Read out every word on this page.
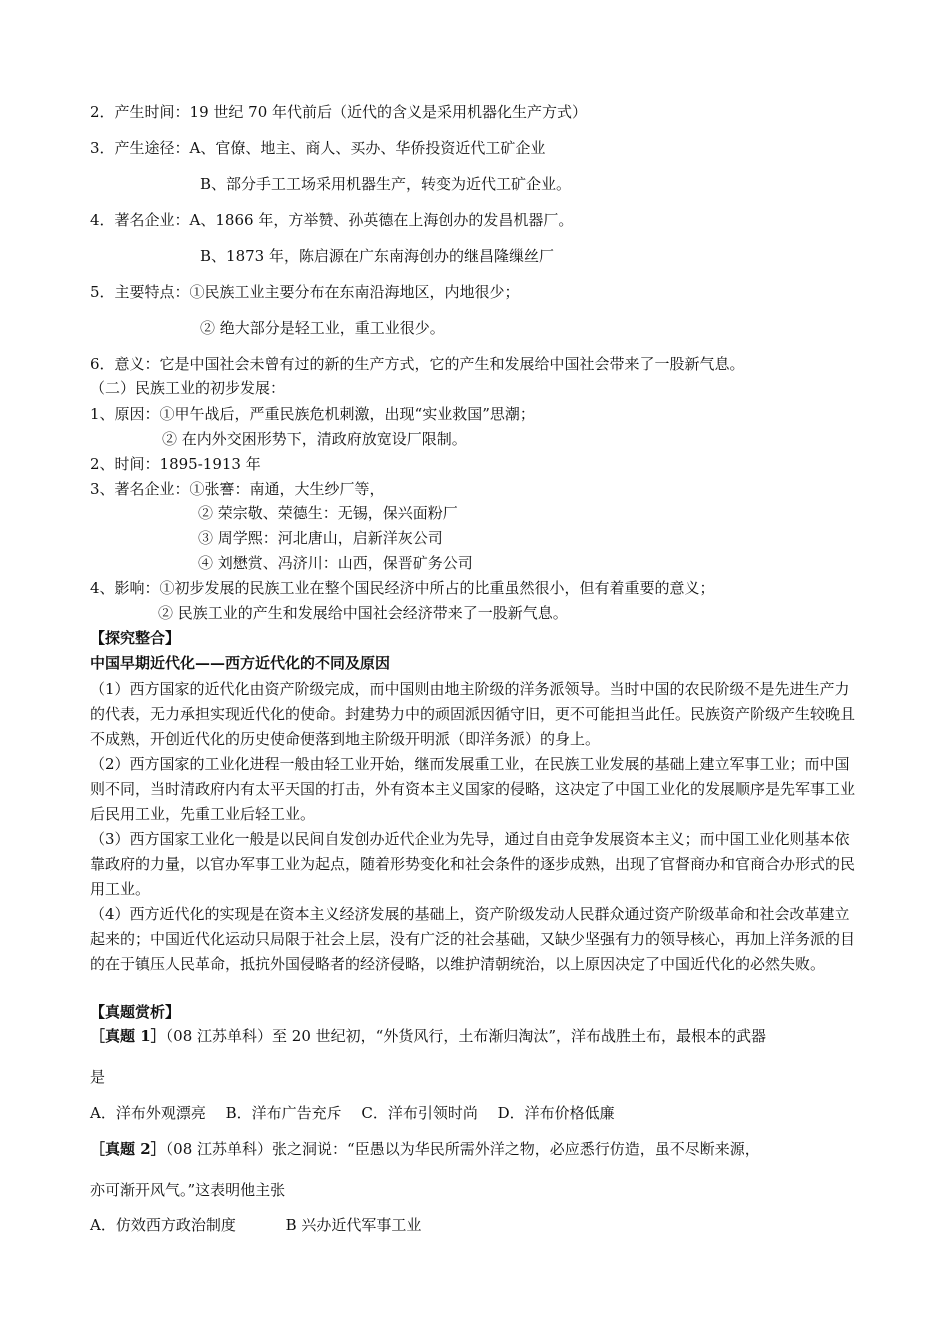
2．产生时间：19 世纪 70 年代前后（近代的含义是采用机器化生产方式）
3．产生途径：A、官僚、地主、商人、买办、华侨投资近代工矿企业
B、部分手工工场采用机器生产，转变为近代工矿企业。
4．著名企业：A、1866 年，方举赞、孙英德在上海创办的发昌机器厂。
B、1873 年，陈启源在广东南海创办的继昌隆缫丝厂
5．主要特点：①民族工业主要分布在东南沿海地区，内地很少；
② 绝大部分是轻工业，重工业很少。
6．意义：它是中国社会未曾有过的新的生产方式，它的产生和发展给中国社会带来了一股新气息。
（二）民族工业的初步发展：
1、原因：①甲午战后，严重民族危机刺激，出现“实业救国”思潮；
② 在内外交困形势下，清政府放宽设厂限制。
2、时间：1895-1913 年
3、著名企业：①张謇：南通，大生纱厂等，
② 荣宗敬、荣德生：无锡，保兴面粉厂
③ 周学熙：河北唐山，启新洋灰公司
④ 刘懋赏、冯济川：山西，保晋矿务公司
4、影响：①初步发展的民族工业在整个国民经济中所占的比重虽然很小，但有着重要的意义；
② 民族工业的产生和发展给中国社会经济带来了一股新气息。
【探究整合】
中国早期近代化——西方近代化的不同及原因
（1）西方国家的近代化由资产阶级完成，而中国则由地主阶级的洋务派领导。当时中国的农民阶级不是先进生产力的代表，无力承担实现近代化的使命。封建势力中的顽固派因循守旧，更不可能担当此任。民族资产阶级产生较晚且不成熟，开创近代化的历史使命便落到地主阶级开明派（即洋务派）的身上。
（2）西方国家的工业化进程一般由轻工业开始，继而发展重工业，在民族工业发展的基础上建立军事工业；而中国则不同，当时清政府内有太平天国的打击，外有资本主义国家的侵略，这决定了中国工业化的发展顺序是先军事工业后民用工业，先重工业后轻工业。
（3）西方国家工业化一般是以民间自发创办近代企业为先导，通过自由竞争发展资本主义；而中国工业化则基本依靠政府的力量，以官办军事工业为起点，随着形势变化和社会条件的逐步成熟，出现了官督商办和官商合办形式的民用工业。
（4）西方近代化的实现是在资本主义经济发展的基础上，资产阶级发动人民群众通过资产阶级革命和社会改革建立起来的；中国近代化运动只局限于社会上层，没有广泛的社会基础，又缺少坚强有力的领导核心，再加上洋务派的目的在于镇压人民革命，抵抗外国侵略者的经济侵略，以维护清朝统治，以上原因决定了中国近代化的必然失败。
【真题赏析】
［真题 1］（08 江苏单科）至 20 世纪初，“外货风行，土布渐归淘汰”，洋布战胜土布，最根本的武器
是
A．洋布外观漂亮　 B．洋布广告充斥　 C．洋布引领时尚　 D．洋布价格低廉
［真题 2］（08 江苏单科）张之洞说：“臣愚以为华民所需外洋之物，必应悉行仿造，虽不尽断来源，
亦可渐开风气。”这表明他主张
A．仿效西方政治制度　　　 B 兴办近代军事工业
